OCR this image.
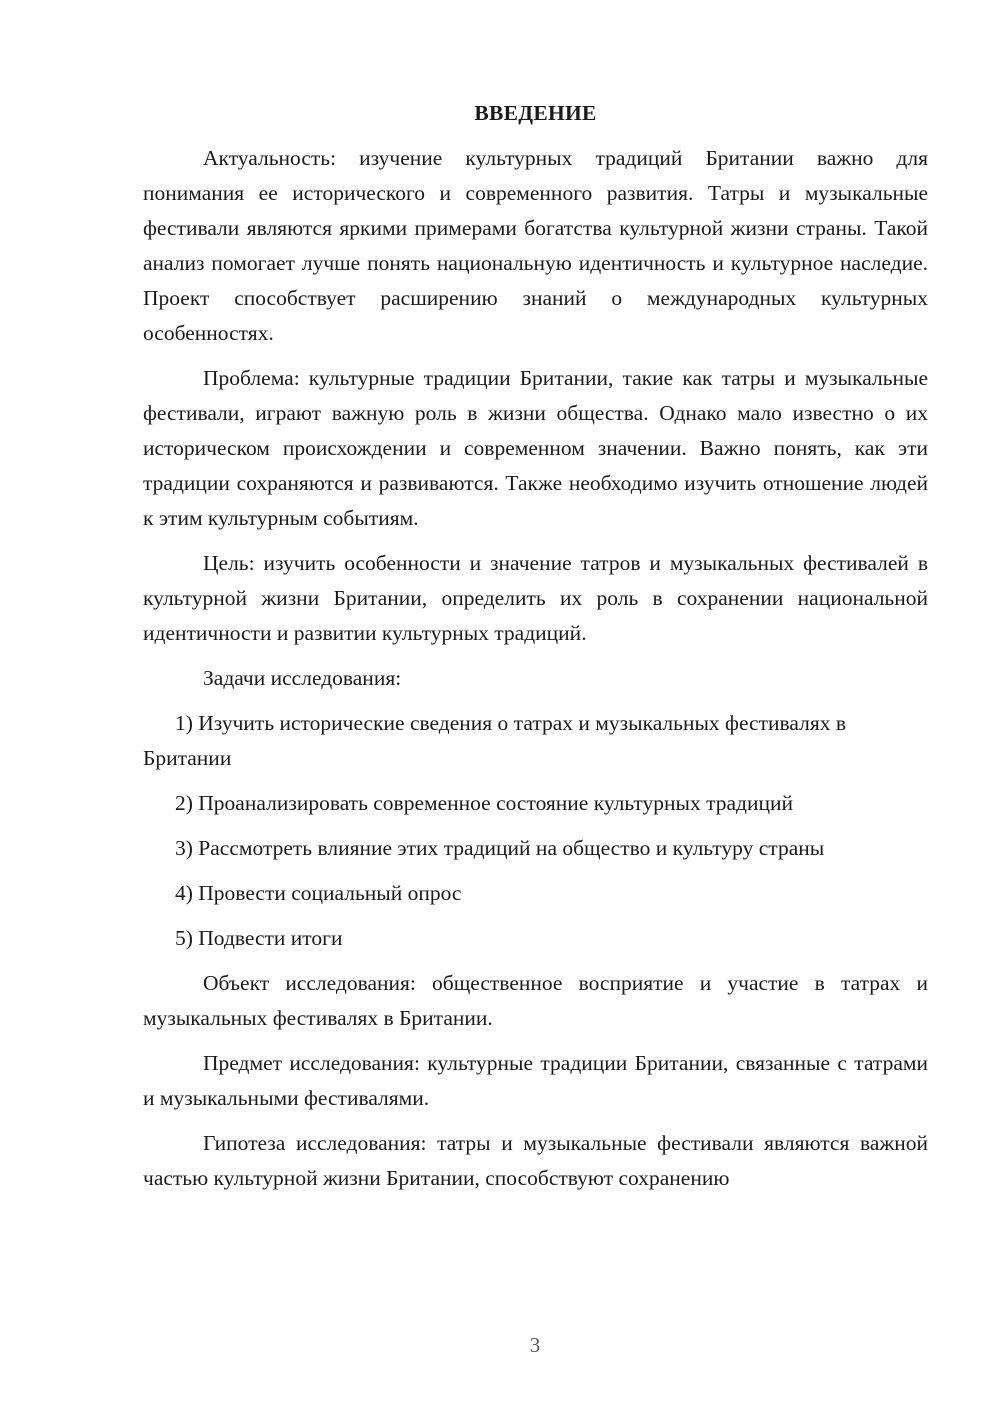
ВВЕДЕНИЕ

Актуальность: изучение культурных традиций Британии важно для понимания ее исторического и современного развития. Татры и музыкальные фестивали являются яркими примерами богатства культурной жизни страны. Такой анализ помогает лучше понять национальную идентичность и культурное наследие. Проект способствует расширению знаний о международных культурных особенностях.

Проблема: культурные традиции Британии, такие как татры и музыкальные фестивали, играют важную роль в жизни общества. Однако мало известно о их историческом происхождении и современном значении. Важно понять, как эти традиции сохраняются и развиваются. Также необходимо изучить отношение людей к этим культурным событиям.

Цель: изучить особенности и значение татров и музыкальных фестивалей в культурной жизни Британии, определить их роль в сохранении национальной идентичности и развитии культурных традиций.

Задачи исследования:

1) Изучить исторические сведения о татрах и музыкальных фестивалях в Британии
2) Проанализировать современное состояние культурных традиций
3) Рассмотреть влияние этих традиций на общество и культуру страны
4) Провести социальный опрос
5) Подвести итоги

Объект исследования: общественное восприятие и участие в татрах и музыкальных фестивалях в Британии.

Предмет исследования: культурные традиции Британии, связанные с татрами и музыкальными фестивалями.

Гипотеза исследования: татры и музыкальные фестивали являются важной частью культурной жизни Британии, способствуют сохранению

3
